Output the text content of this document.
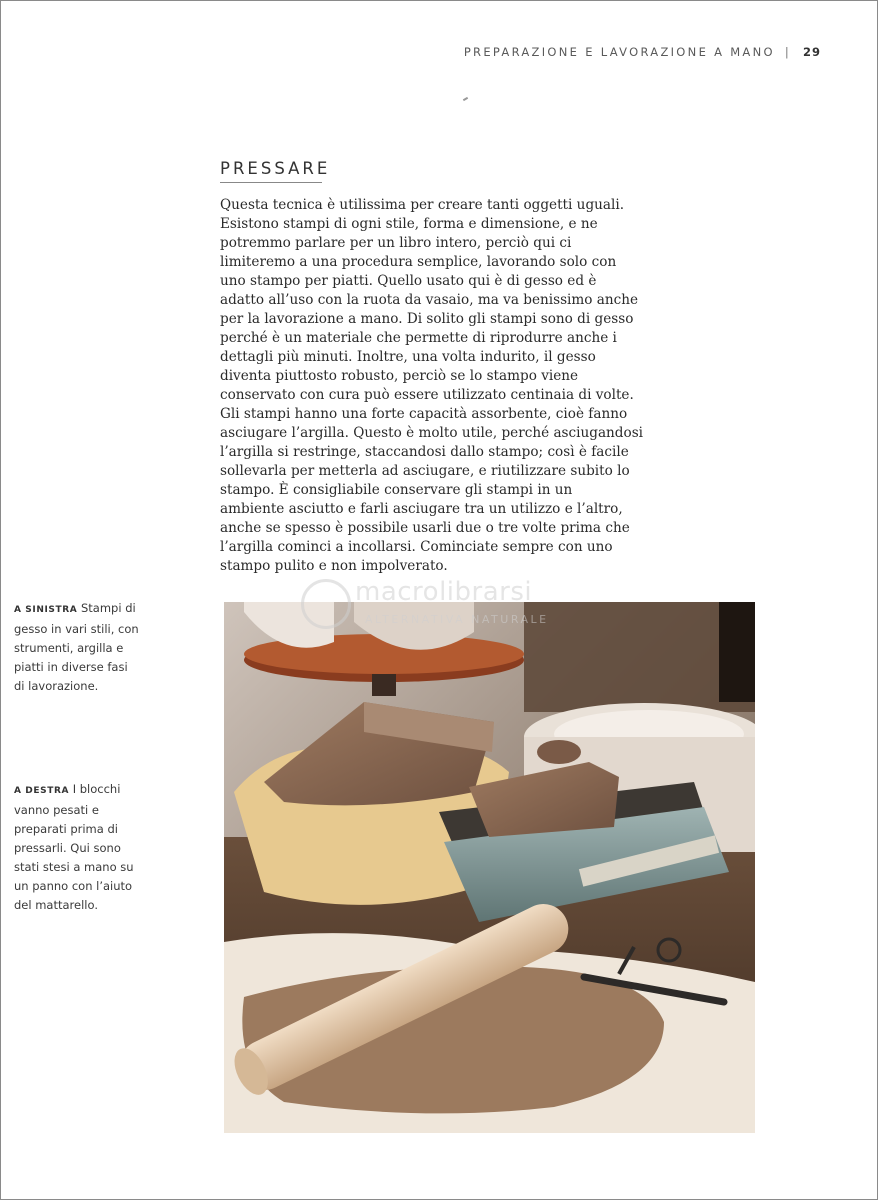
PREPARAZIONE E LAVORAZIONE A MANO | 29
PRESSARE
Questa tecnica è utilissima per creare tanti oggetti uguali.
Esistono stampi di ogni stile, forma e dimensione, e ne
potremmo parlare per un libro intero, perciò qui ci
limiteremo a una procedura semplice, lavorando solo con
uno stampo per piatti. Quello usato qui è di gesso ed è
adatto all’uso con la ruota da vasaio, ma va benissimo anche
per la lavorazione a mano. Di solito gli stampi sono di gesso
perché è un materiale che permette di riprodurre anche i
dettagli più minuti. Inoltre, una volta indurito, il gesso
diventa piuttosto robusto, perciò se lo stampo viene
conservato con cura può essere utilizzato centinaia di volte.
Gli stampi hanno una forte capacità assorbente, cioè fanno
asciugare l’argilla. Questo è molto utile, perché asciugandosi
l’argilla si restringe, staccandosi dallo stampo; così è facile
sollevarla per metterla ad asciugare, e riutilizzare subito lo
stampo. È consigliabile conservare gli stampi in un
ambiente asciutto e farli asciugare tra un utilizzo e l’altro,
anche se spesso è possibile usarli due o tre volte prima che
l’argilla cominci a incollarsi. Cominciate sempre con uno
stampo pulito e non impolverato.
A SINISTRA Stampi di
gesso in vari stili, con
strumenti, argilla e
piatti in diverse fasi
di lavorazione.
A DESTRA I blocchi
vanno pesati e
preparati prima di
pressarli. Qui sono
stati stesi a mano su
un panno con l’aiuto
del mattarello.
macrolibrarsi
ALTERNATIVA NATURALE
